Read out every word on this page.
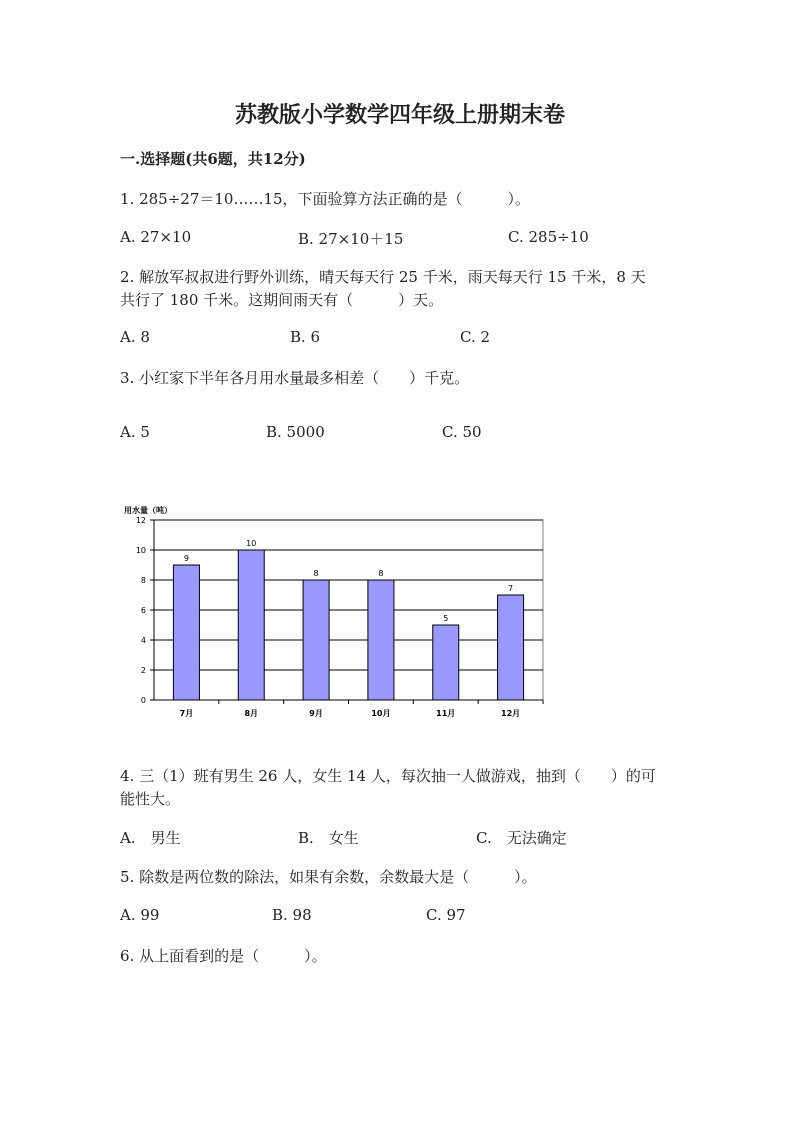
苏教版小学数学四年级上册期末卷
一.选择题(共6题，共12分)
1. 285÷27＝10……15，下面验算方法正确的是（　　　）。
A. 27×10	B. 27×10＋15	C. 285÷10
2. 解放军叔叔进行野外训练，晴天每天行 25 千米，雨天每天行 15 千米，8 天
共行了 180 千米。这期间雨天有（　　　）天。
A. 8	B. 6	C. 2
3. 小红家下半年各月用水量最多相差（　　）千克。
A. 5	B. 5000	C. 50
用水量（吨）
0
2
4
6
8
10
12
9
7月
10
8月
8
9月
8
10月
5
11月
7
12月
4. 三（1）班有男生 26 人，女生 14 人，每次抽一人做游戏，抽到（　　）的可
能性大。
A.　男生	B.　女生	C.　无法确定
5. 除数是两位数的除法，如果有余数，余数最大是（　　　）。
A. 99	B. 98	C. 97
6. 从上面看到的是（　　　）。
